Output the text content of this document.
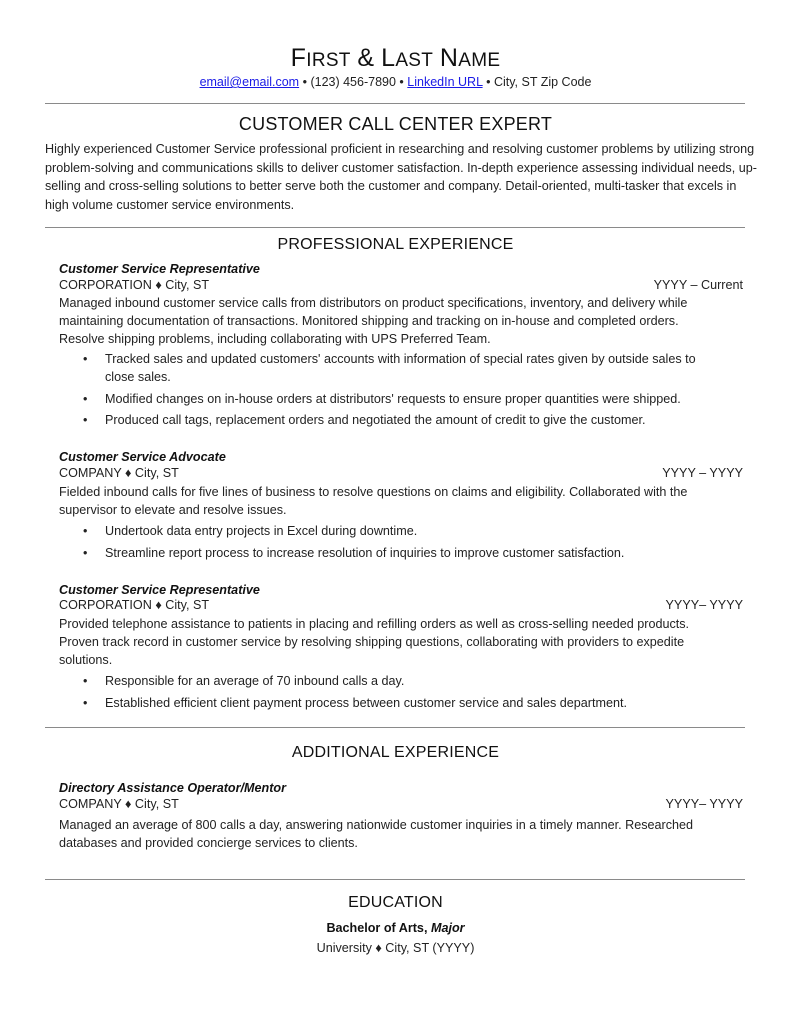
FIRST & LAST NAME
email@email.com • (123) 456-7890 • LinkedIn URL • City, ST Zip Code
CUSTOMER CALL CENTER EXPERT
Highly experienced Customer Service professional proficient in researching and resolving customer problems by utilizing strong problem-solving and communications skills to deliver customer satisfaction. In-depth experience assessing individual needs, up-selling and cross-selling solutions to better serve both the customer and company. Detail-oriented, multi-tasker that excels in high volume customer service environments.
PROFESSIONAL EXPERIENCE
Customer Service Representative
CORPORATION ♦ City, ST	YYYY – Current
Managed inbound customer service calls from distributors on product specifications, inventory, and delivery while maintaining documentation of transactions. Monitored shipping and tracking on in-house and completed orders. Resolve shipping problems, including collaborating with UPS Preferred Team.
• Tracked sales and updated customers' accounts with information of special rates given by outside sales to close sales.
• Modified changes on in-house orders at distributors' requests to ensure proper quantities were shipped.
• Produced call tags, replacement orders and negotiated the amount of credit to give the customer.
Customer Service Advocate
COMPANY ♦ City, ST	YYYY – YYYY
Fielded inbound calls for five lines of business to resolve questions on claims and eligibility. Collaborated with the supervisor to elevate and resolve issues.
• Undertook data entry projects in Excel during downtime.
• Streamline report process to increase resolution of inquiries to improve customer satisfaction.
Customer Service Representative
CORPORATION ♦ City, ST	YYYY– YYYY
Provided telephone assistance to patients in placing and refilling orders as well as cross-selling needed products. Proven track record in customer service by resolving shipping questions, collaborating with providers to expedite solutions.
• Responsible for an average of 70 inbound calls a day.
• Established efficient client payment process between customer service and sales department.
ADDITIONAL EXPERIENCE
Directory Assistance Operator/Mentor
COMPANY ♦ City, ST	YYYY– YYYY
Managed an average of 800 calls a day, answering nationwide customer inquiries in a timely manner. Researched databases and provided concierge services to clients.
EDUCATION
Bachelor of Arts, Major
University ♦ City, ST (YYYY)
